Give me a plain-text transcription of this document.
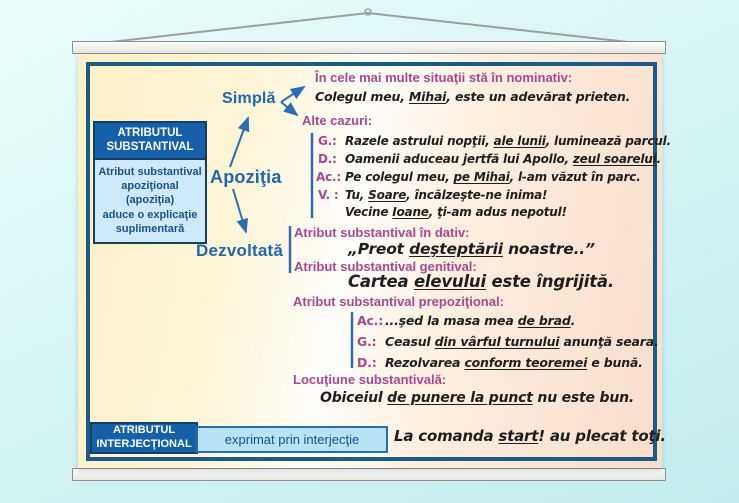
ATRIBUTUL
SUBSTANTIVAL
Atribut substantival
apoziţional
(apoziţia)
aduce o explicaţie
suplimentară
Simplă
Apoziţia
Dezvoltată
În cele mai multe situaţii stă în nominativ:
Colegul meu, Mihai, este un adevărat prieten.
Alte cazuri:
G.: Razele astrului nopţii, ale lunii, luminează parcul.
D.: Oamenii aduceau jertfă lui Apollo, zeul soarelui.
Ac.: Pe colegul meu, pe Mihai, l-am văzut în parc.
V. : Tu, Soare, încălzeşte-ne inima!
Vecine Ioane, ţi-am adus nepotul!
Atribut substantival în dativ:
„Preot deşteptării noastre..”
Atribut substantival genitival:
Cartea elevului este îngrijită.
Atribut substantival prepoziţional:
Ac.: ...şed la masa mea de brad.
G.: Ceasul din vârful turnului anunţă seara.
D.: Rezolvarea conform teoremei e bună.
Locuţiune substantivală:
Obiceiul de punere la punct nu este bun.
ATRIBUTUL
INTERJECŢIONAL	exprimat prin interjecţie La comanda start! au plecat toţi.
